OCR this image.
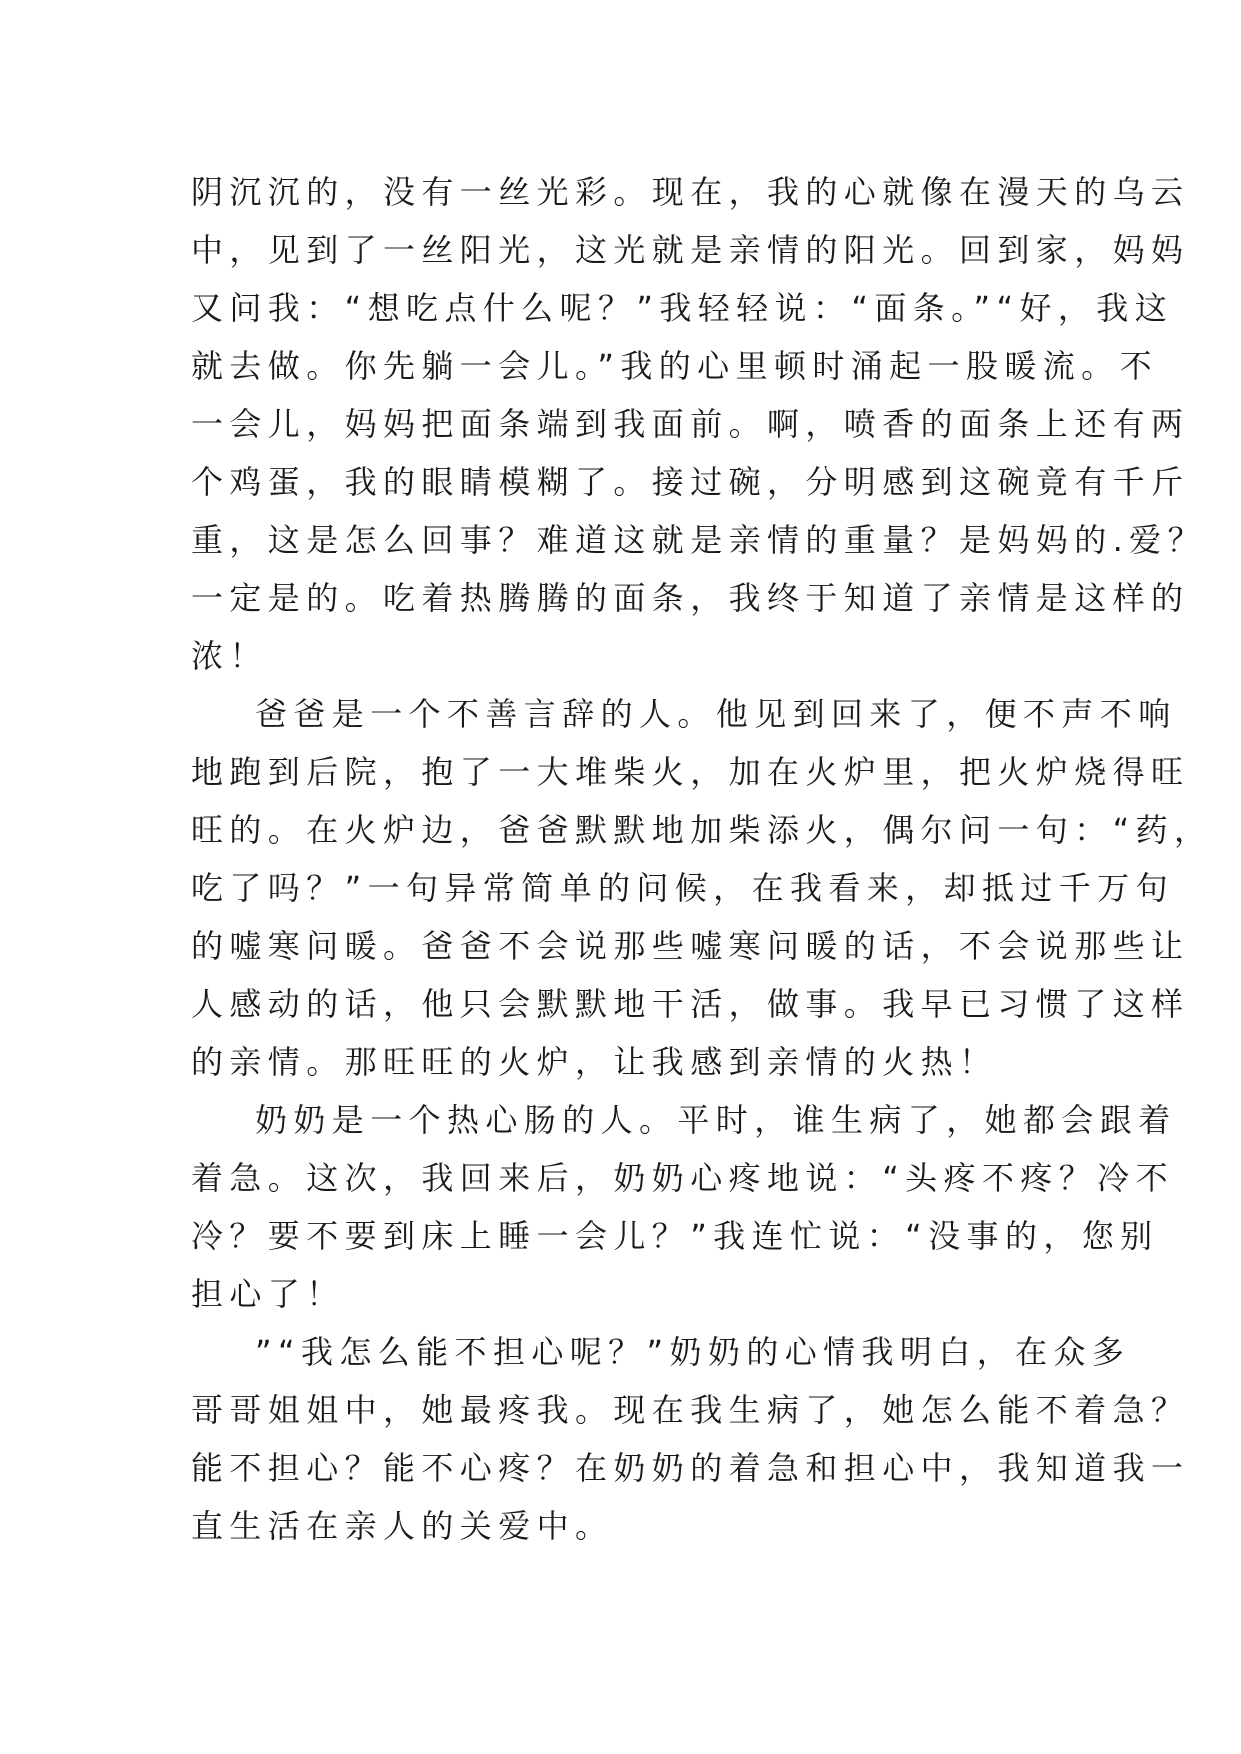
阴沉沉的，没有一丝光彩。现在，我的心就像在漫天的乌云
中，见到了一丝阳光，这光就是亲情的阳光。回到家，妈妈
又问我：“想吃点什么呢？”我轻轻说：“面条。”“好，我这
就去做。你先躺一会儿。”我的心里顿时涌起一股暖流。不
一会儿，妈妈把面条端到我面前。啊，喷香的面条上还有两
个鸡蛋，我的眼睛模糊了。接过碗，分明感到这碗竟有千斤
重，这是怎么回事？难道这就是亲情的重量？是妈妈的.爱？
一定是的。吃着热腾腾的面条，我终于知道了亲情是这样的
浓！
爸爸是一个不善言辞的人。他见到回来了，便不声不响
地跑到后院，抱了一大堆柴火，加在火炉里，把火炉烧得旺
旺的。在火炉边，爸爸默默地加柴添火，偶尔问一句：“药，
吃了吗？”一句异常简单的问候，在我看来，却抵过千万句
的嘘寒问暖。爸爸不会说那些嘘寒问暖的话，不会说那些让
人感动的话，他只会默默地干活，做事。我早已习惯了这样
的亲情。那旺旺的火炉，让我感到亲情的火热！
奶奶是一个热心肠的人。平时，谁生病了，她都会跟着
着急。这次，我回来后，奶奶心疼地说：“头疼不疼？冷不
冷？要不要到床上睡一会儿？”我连忙说：“没事的，您别
担心了！
”“我怎么能不担心呢？”奶奶的心情我明白，在众多
哥哥姐姐中，她最疼我。现在我生病了，她怎么能不着急？
能不担心？能不心疼？在奶奶的着急和担心中，我知道我一
直生活在亲人的关爱中。
